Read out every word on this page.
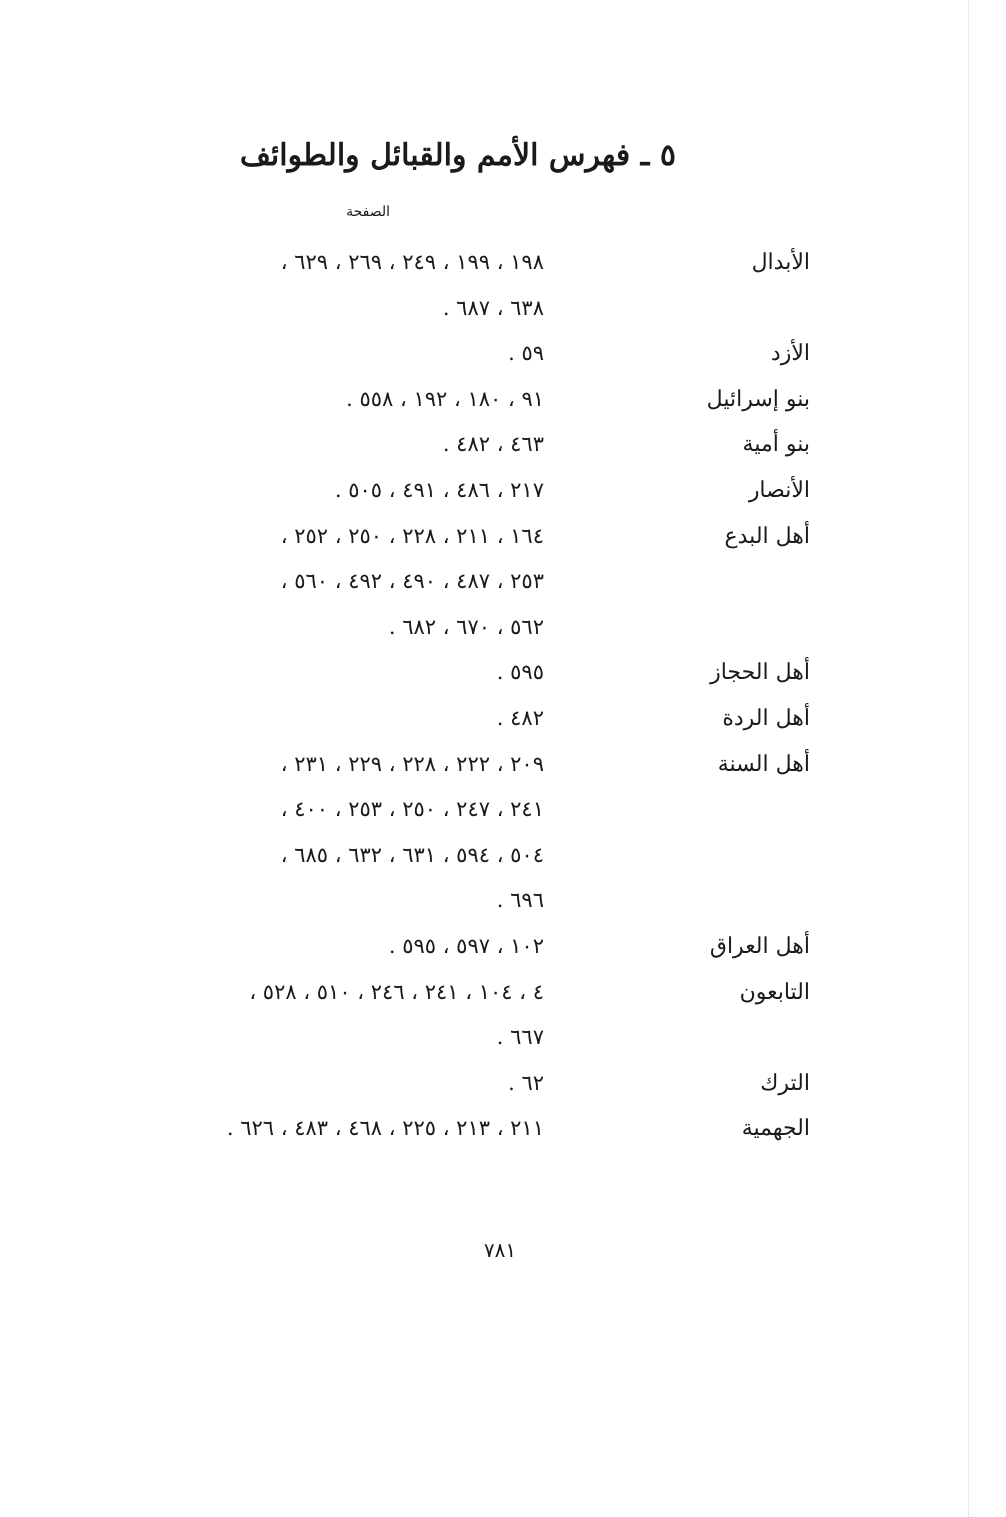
٥ ـ فهرس الأمم والقبائل والطوائف
الصفحة
الأبدال
١٩٨ ، ١٩٩ ، ٢٤٩ ، ٢٦٩ ، ٦٢٩ ،
٦٣٨ ، ٦٨٧ .
الأزد
٥٩ .
بنو إسرائيل
٩١ ، ١٨٠ ، ١٩٢ ، ٥٥٨ .
بنو أمية
٤٦٣ ، ٤٨٢ .
الأنصار
٢١٧ ، ٤٨٦ ، ٤٩١ ، ٥٠٥ .
أهل البدع
١٦٤ ، ٢١١ ، ٢٢٨ ، ٢٥٠ ، ٢٥٢ ،
٢٥٣ ، ٤٨٧ ، ٤٩٠ ، ٤٩٢ ، ٥٦٠ ،
٥٦٢ ، ٦٧٠ ، ٦٨٢ .
أهل الحجاز
٥٩٥ .
أهل الردة
٤٨٢ .
أهل السنة
٢٠٩ ، ٢٢٢ ، ٢٢٨ ، ٢٢٩ ، ٢٣١ ،
٢٤١ ، ٢٤٧ ، ٢٥٠ ، ٢٥٣ ، ٤٠٠ ،
٥٠٤ ، ٥٩٤ ، ٦٣١ ، ٦٣٢ ، ٦٨٥ ،
٦٩٦ .
أهل العراق
١٠٢ ، ٥٩٧ ، ٥٩٥ .
التابعون
٤ ، ١٠٤ ، ٢٤١ ، ٢٤٦ ، ٥١٠ ، ٥٢٨ ،
٦٦٧ .
الترك
٦٢ .
الجهمية
٢١١ ، ٢١٣ ، ٢٢٥ ، ٤٦٨ ، ٤٨٣ ، ٦٢٦ .
٧٨١
